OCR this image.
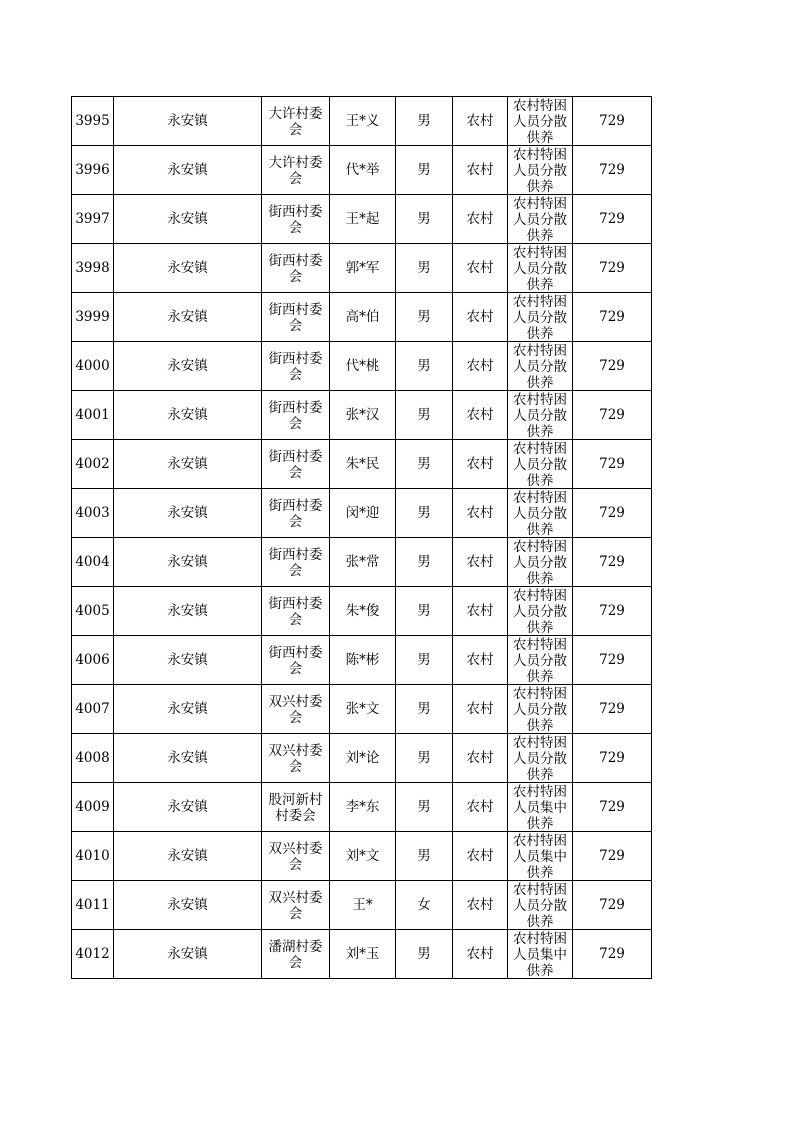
3995	永安镇	大许村委会	王*义	男	农村	农村特困人员分散供养	729
3996	永安镇	大许村委会	代*举	男	农村	农村特困人员分散供养	729
3997	永安镇	街西村委会	王*起	男	农村	农村特困人员分散供养	729
3998	永安镇	街西村委会	郭*军	男	农村	农村特困人员分散供养	729
3999	永安镇	街西村委会	高*伯	男	农村	农村特困人员分散供养	729
4000	永安镇	街西村委会	代*桃	男	农村	农村特困人员分散供养	729
4001	永安镇	街西村委会	张*汉	男	农村	农村特困人员分散供养	729
4002	永安镇	街西村委会	朱*民	男	农村	农村特困人员分散供养	729
4003	永安镇	街西村委会	闵*迎	男	农村	农村特困人员分散供养	729
4004	永安镇	街西村委会	张*常	男	农村	农村特困人员分散供养	729
4005	永安镇	街西村委会	朱*俊	男	农村	农村特困人员分散供养	729
4006	永安镇	街西村委会	陈*彬	男	农村	农村特困人员分散供养	729
4007	永安镇	双兴村委会	张*文	男	农村	农村特困人员分散供养	729
4008	永安镇	双兴村委会	刘*论	男	农村	农村特困人员分散供养	729
4009	永安镇	股河新村村委会	李*东	男	农村	农村特困人员集中供养	729
4010	永安镇	双兴村委会	刘*文	男	农村	农村特困人员集中供养	729
4011	永安镇	双兴村委会	王*	女	农村	农村特困人员分散供养	729
4012	永安镇	潘湖村委会	刘*玉	男	农村	农村特困人员集中供养	729
